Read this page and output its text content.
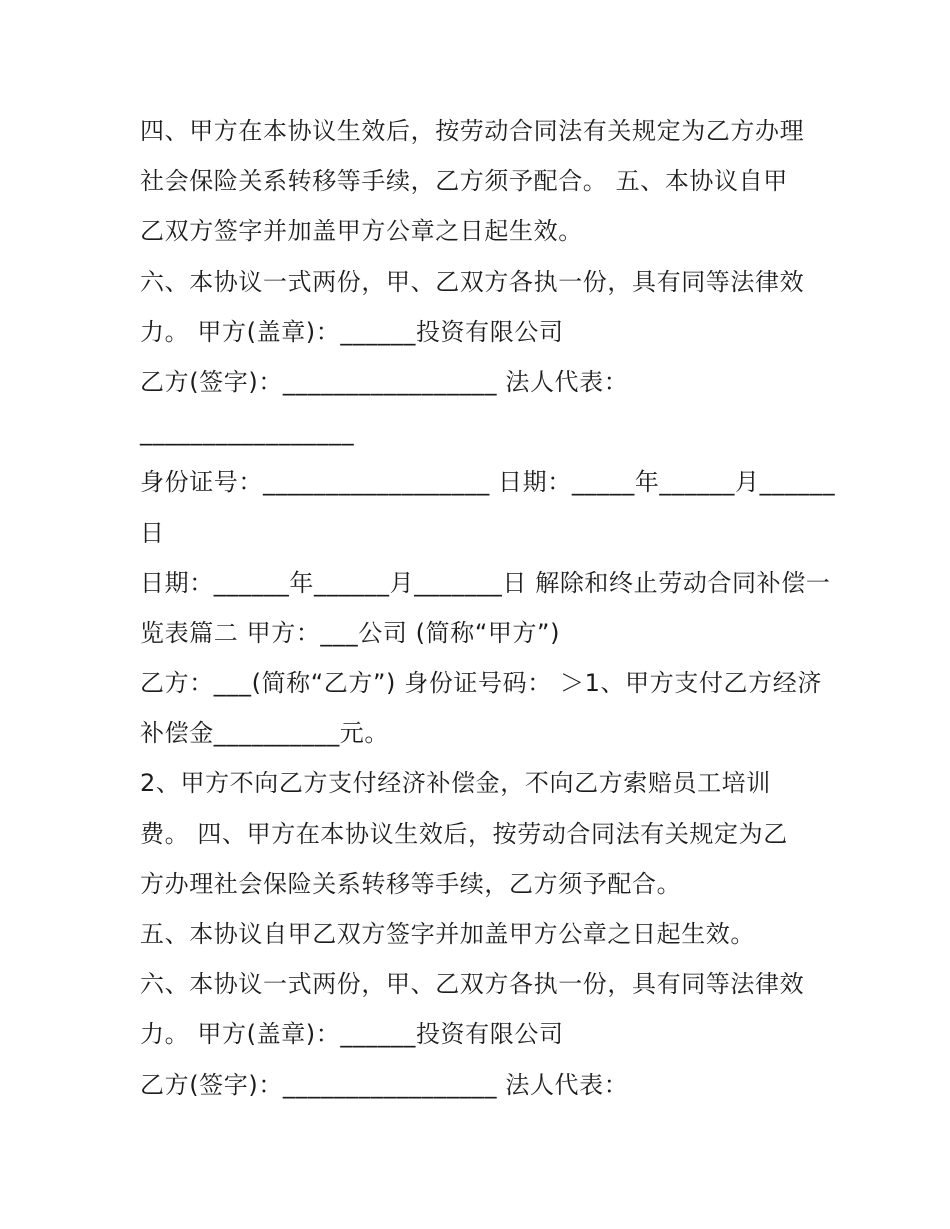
四、甲方在本协议生效后，按劳动合同法有关规定为乙方办理
社会保险关系转移等手续，乙方须予配合。 五、本协议自甲
乙双方签字并加盖甲方公章之日起生效。
六、本协议一式两份，甲、乙双方各执一份，具有同等法律效
力。 甲方(盖章)：______投资有限公司
乙方(签字)：_________________ 法人代表：
_________________
身份证号：__________________ 日期：_____年______月______
日
日期：______年______月_______日 解除和终止劳动合同补偿一
览表篇二 甲方：___公司 (简称“甲方”)
乙方：___(简称“乙方”) 身份证号码： ＞1、甲方支付乙方经济
补偿金__________元。
2、甲方不向乙方支付经济补偿金，不向乙方索赔员工培训
费。 四、甲方在本协议生效后，按劳动合同法有关规定为乙
方办理社会保险关系转移等手续，乙方须予配合。
五、本协议自甲乙双方签字并加盖甲方公章之日起生效。
六、本协议一式两份，甲、乙双方各执一份，具有同等法律效
力。 甲方(盖章)：______投资有限公司
乙方(签字)：_________________ 法人代表：
